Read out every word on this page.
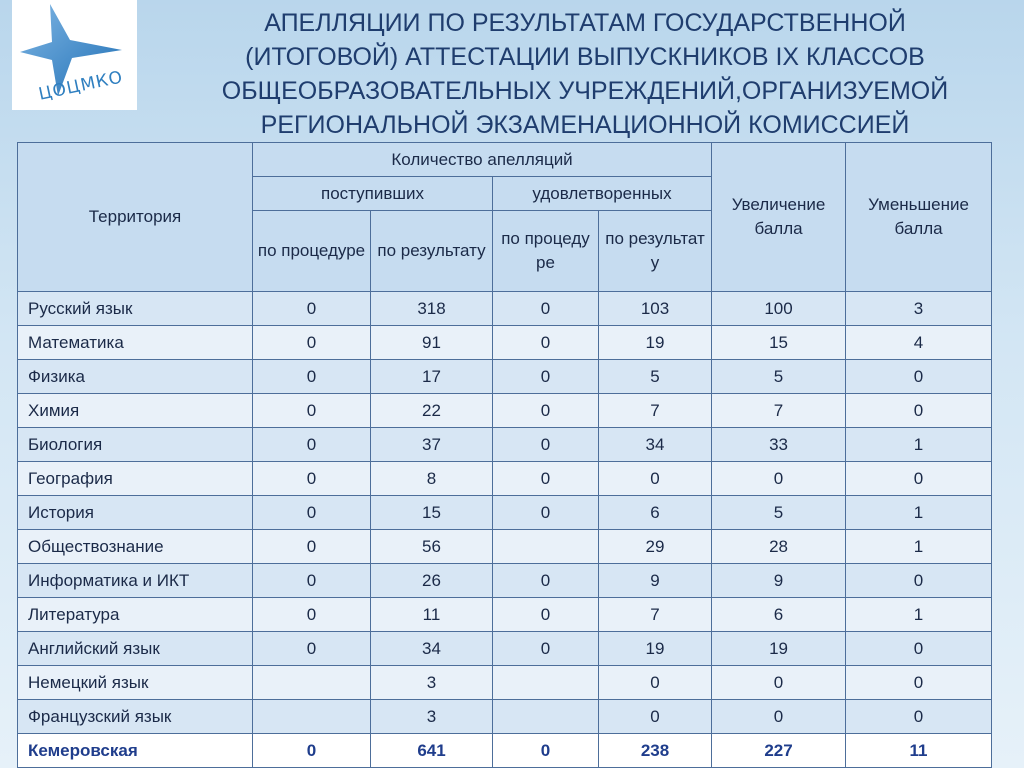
ЦОЦМКО
АПЕЛЛЯЦИИ ПО РЕЗУЛЬТАТАМ ГОСУДАРСТВЕННОЙ
(ИТОГОВОЙ) АТТЕСТАЦИИ ВЫПУСКНИКОВ IX КЛАССОВ
ОБЩЕОБРАЗОВАТЕЛЬНЫХ УЧРЕЖДЕНИЙ,ОРГАНИЗУЕМОЙ
РЕГИОНАЛЬНОЙ ЭКЗАМЕНАЦИОННОЙ КОМИССИЕЙ
Территория	Количество апелляций				Увеличение балла	Уменьшение балла
	поступивших		удовлетворенных			
	по процедуре	по результату	по процеду ре	по результат у		
Русский язык	0	318	0	103	100	3
Математика	0	91	0	19	15	4
Физика	0	17	0	5	5	0
Химия	0	22	0	7	7	0
Биология	0	37	0	34	33	1
География	0	8	0	0	0	0
История	0	15	0	6	5	1
Обществознание	0	56		29	28	1
Информатика и ИКТ	0	26	0	9	9	0
Литература	0	11	0	7	6	1
Английский язык	0	34	0	19	19	0
Немецкий язык		3		0	0	0
Французский язык		3		0	0	0
Кемеровская	0	641	0	238	227	11
